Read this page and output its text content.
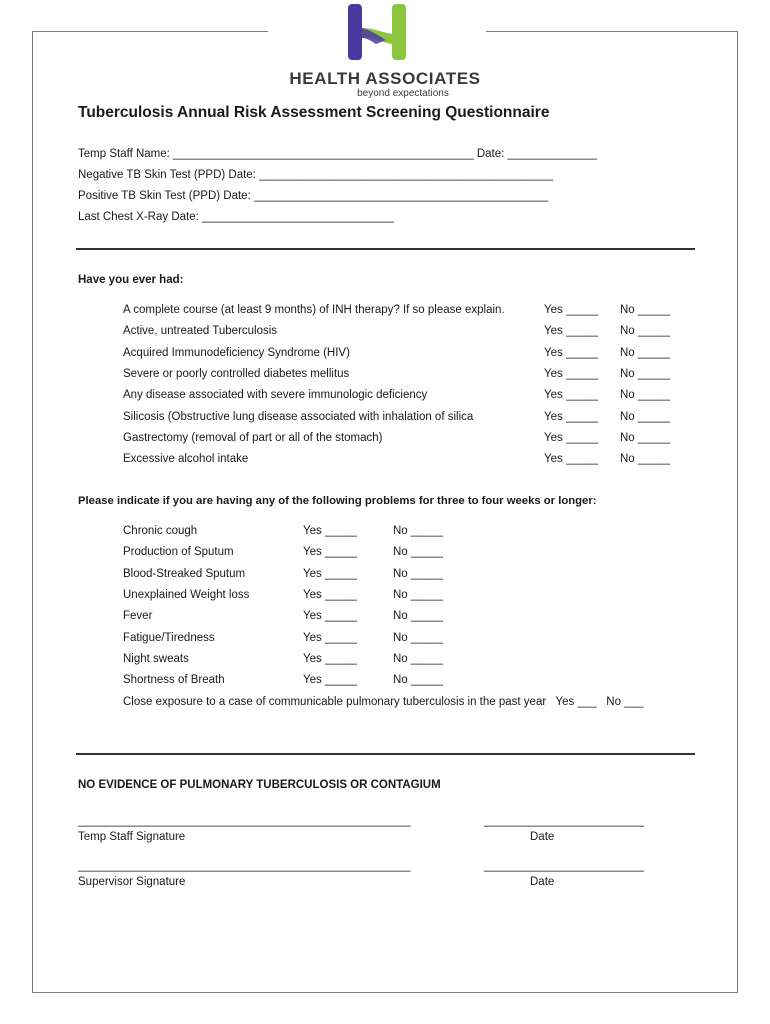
HEALTH ASSOCIATES
beyond expectations
Tuberculosis Annual Risk Assessment Screening Questionnaire
Temp Staff Name: _______________________________________________ Date: ______________
Negative TB Skin Test (PPD) Date: ______________________________________________
Positive TB Skin Test (PPD) Date: ______________________________________________
Last Chest X-Ray Date: ______________________________
Have you ever had:
A complete course (at least 9 months) of INH therapy? If so please explain.	Yes _____ No _____
Active, untreated Tuberculosis	Yes _____ No _____
Acquired Immunodeficiency Syndrome (HIV)	Yes _____ No _____
Severe or poorly controlled diabetes mellitus	Yes _____ No _____
Any disease associated with severe immunologic deficiency	Yes _____ No _____
Silicosis (Obstructive lung disease associated with inhalation of silica	Yes _____ No _____
Gastrectomy (removal of part or all of the stomach)	Yes _____ No _____
Excessive alcohol intake	Yes _____ No _____
Please indicate if you are having any of the following problems for three to four weeks or longer:
Chronic cough	Yes _____	No _____
Production of Sputum	Yes _____	No _____
Blood-Streaked Sputum	Yes _____	No _____
Unexplained Weight loss	Yes _____	No _____
Fever	Yes _____	No _____
Fatigue/Tiredness	Yes _____	No _____
Night sweats	Yes _____	No _____
Shortness of Breath	Yes _____	No _____
Close exposure to a case of communicable pulmonary tuberculosis in the past year   Yes ___   No ___
NO EVIDENCE OF PULMONARY TUBERCULOSIS OR CONTAGIUM
____________________________________________________	_________________________
Temp Staff Signature	Date
____________________________________________________	_________________________
Supervisor Signature	Date
